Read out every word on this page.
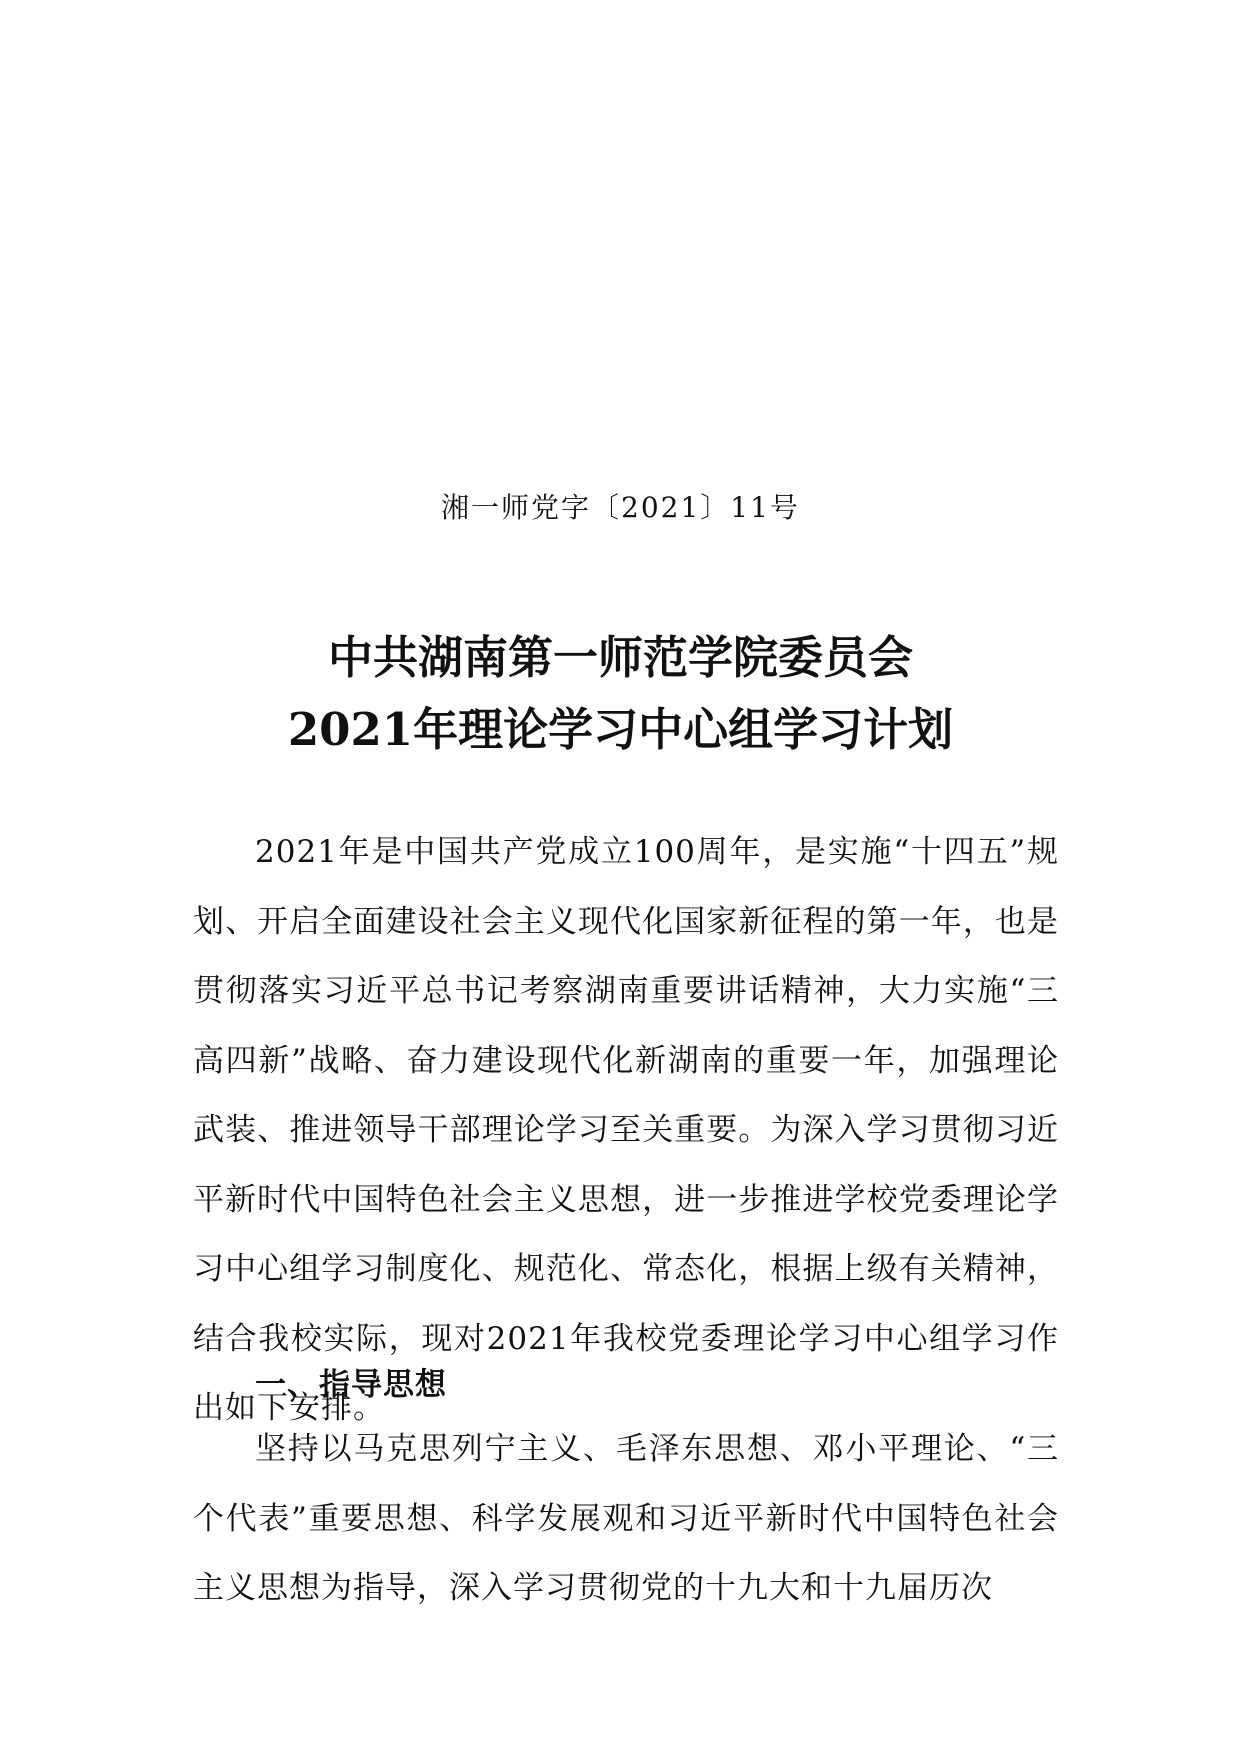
湘一师党字〔2021〕11号
中共湖南第一师范学院委员会
2021年理论学习中心组学习计划

2021年是中国共产党成立100周年，是实施“十四五”规划、开启全面建设社会主义现代化国家新征程的第一年，也是贯彻落实习近平总书记考察湖南重要讲话精神，大力实施“三高四新”战略、奋力建设现代化新湖南的重要一年，加强理论武装、推进领导干部理论学习至关重要。为深入学习贯彻习近平新时代中国特色社会主义思想，进一步推进学校党委理论学习中心组学习制度化、规范化、常态化，根据上级有关精神，结合我校实际，现对2021年我校党委理论学习中心组学习作出如下安排。

一、指导思想

坚持以马克思列宁主义、毛泽东思想、邓小平理论、“三个代表”重要思想、科学发展观和习近平新时代中国特色社会主义思想为指导，深入学习贯彻党的十九大和十九届历次
